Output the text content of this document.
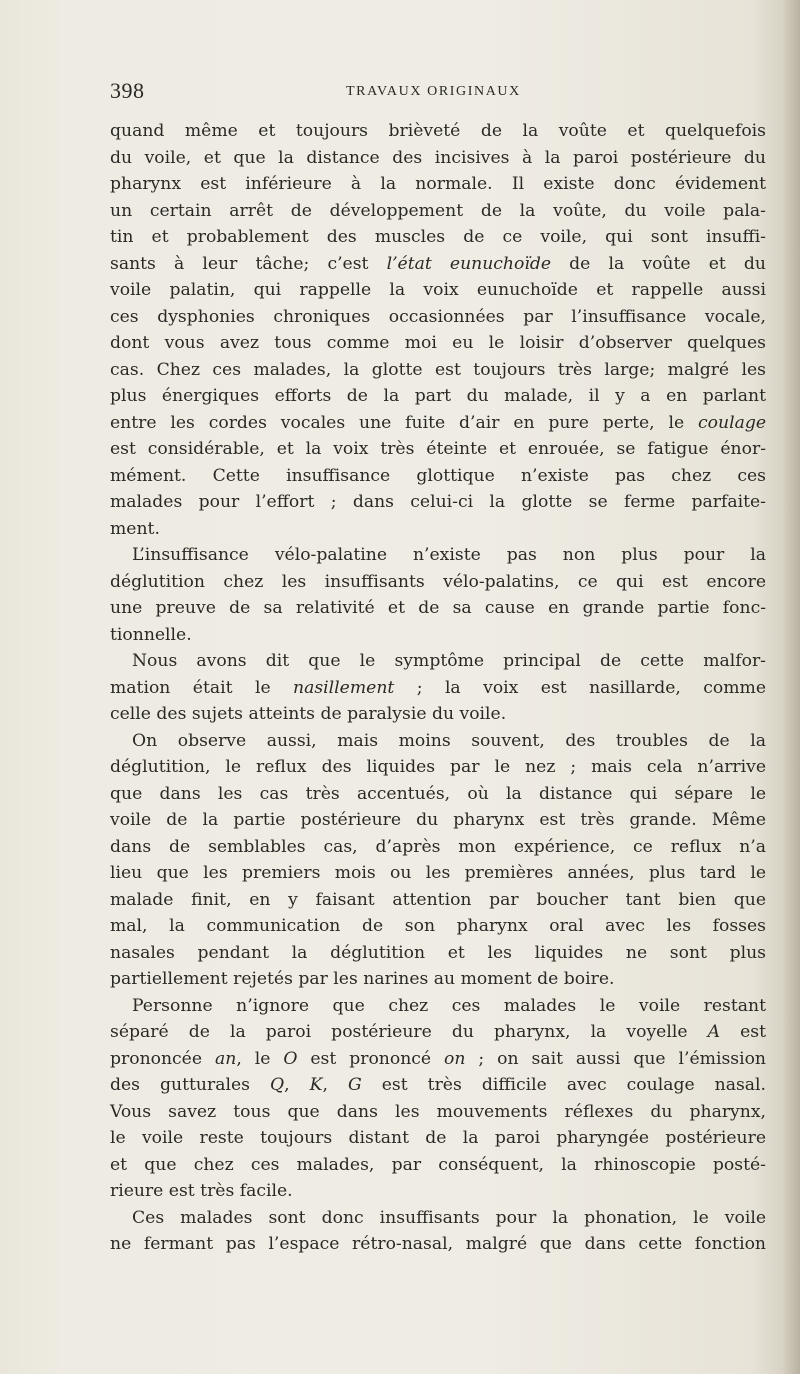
398	TRAVAUX ORIGINAUX
quand même et toujours brièveté de la voûte et quelquefois
du voile, et que la distance des incisives à la paroi postérieure du
pharynx est inférieure à la normale. Il existe donc évidement
un certain arrêt de développement de la voûte, du voile pala-
tin et probablement des muscles de ce voile, qui sont insuffi-
sants à leur tâche; c’est l’état eunuchoïde de la voûte et du
voile palatin, qui rappelle la voix eunuchoïde et rappelle aussi
ces dysphonies chroniques occasionnées par l’insuffisance vocale,
dont vous avez tous comme moi eu le loisir d’observer quelques
cas. Chez ces malades, la glotte est toujours très large; malgré les
plus énergiques efforts de la part du malade, il y a en parlant
entre les cordes vocales une fuite d’air en pure perte, le coulage
est considérable, et la voix très éteinte et enrouée, se fatigue énor-
mément. Cette insuffisance glottique n’existe pas chez ces
malades pour l’effort ; dans celui-ci la glotte se ferme parfaite-
ment.
L’insuffisance vélo-palatine n’existe pas non plus pour la
déglutition chez les insuffisants vélo-palatins, ce qui est encore
une preuve de sa relativité et de sa cause en grande partie fonc-
tionnelle.
Nous avons dit que le symptôme principal de cette malfor-
mation était le nasillement ; la voix est nasillarde, comme
celle des sujets atteints de paralysie du voile.
On observe aussi, mais moins souvent, des troubles de la
déglutition, le reflux des liquides par le nez ; mais cela n’arrive
que dans les cas très accentués, où la distance qui sépare le
voile de la partie postérieure du pharynx est très grande. Même
dans de semblables cas, d’après mon expérience, ce reflux n’a
lieu que les premiers mois ou les premières années, plus tard le
malade finit, en y faisant attention par boucher tant bien que
mal, la communication de son pharynx oral avec les fosses
nasales pendant la déglutition et les liquides ne sont plus
partiellement rejetés par les narines au moment de boire.
Personne n’ignore que chez ces malades le voile restant
séparé de la paroi postérieure du pharynx, la voyelle A est
prononcée an, le O est prononcé on ; on sait aussi que l’émission
des gutturales Q, K, G est très difficile avec coulage nasal.
Vous savez tous que dans les mouvements réflexes du pharynx,
le voile reste toujours distant de la paroi pharyngée postérieure
et que chez ces malades, par conséquent, la rhinoscopie posté-
rieure est très facile.
Ces malades sont donc insuffisants pour la phonation, le voile
ne fermant pas l’espace rétro-nasal, malgré que dans cette fonction
